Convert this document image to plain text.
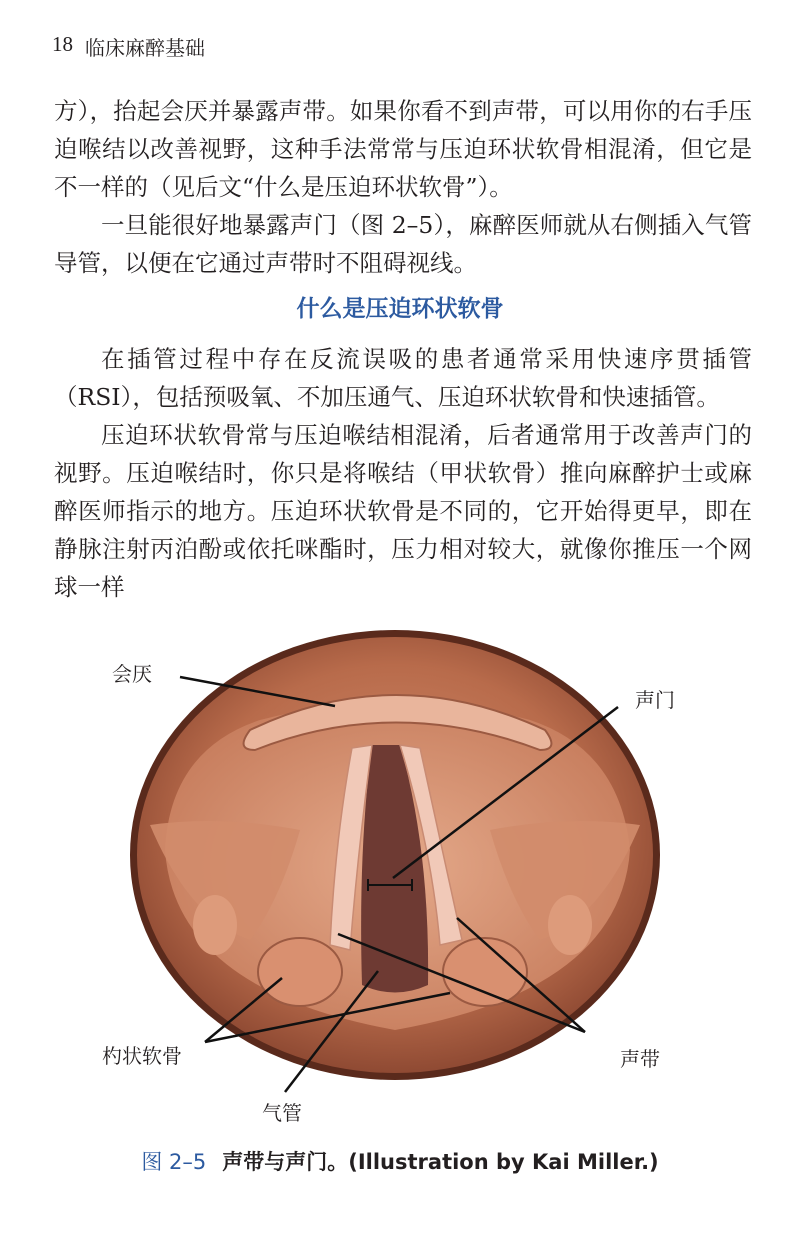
18 临床麻醉基础

方），抬起会厌并暴露声带。如果你看不到声带，可以用你的右手压迫喉结以改善视野，这种手法常常与压迫环状软骨相混淆，但它是不一样的（见后文“什么是压迫环状软骨”）。

一旦能很好地暴露声门（图 2–5），麻醉医师就从右侧插入气管导管，以便在它通过声带时不阻碍视线。

什么是压迫环状软骨

在插管过程中存在反流误吸的患者通常采用快速序贯插管（RSI），包括预吸氧、不加压通气、压迫环状软骨和快速插管。

压迫环状软骨常与压迫喉结相混淆，后者通常用于改善声门的视野。压迫喉结时，你只是将喉结（甲状软骨）推向麻醉护士或麻醉医师指示的地方。压迫环状软骨是不同的，它开始得更早，即在静脉注射丙泊酚或依托咪酯时，压力相对较大，就像你推压一个网球一样

会厌
声门
杓状软骨	声带
气管
图 2–5 声带与声门。(Illustration by Kai Miller.)
